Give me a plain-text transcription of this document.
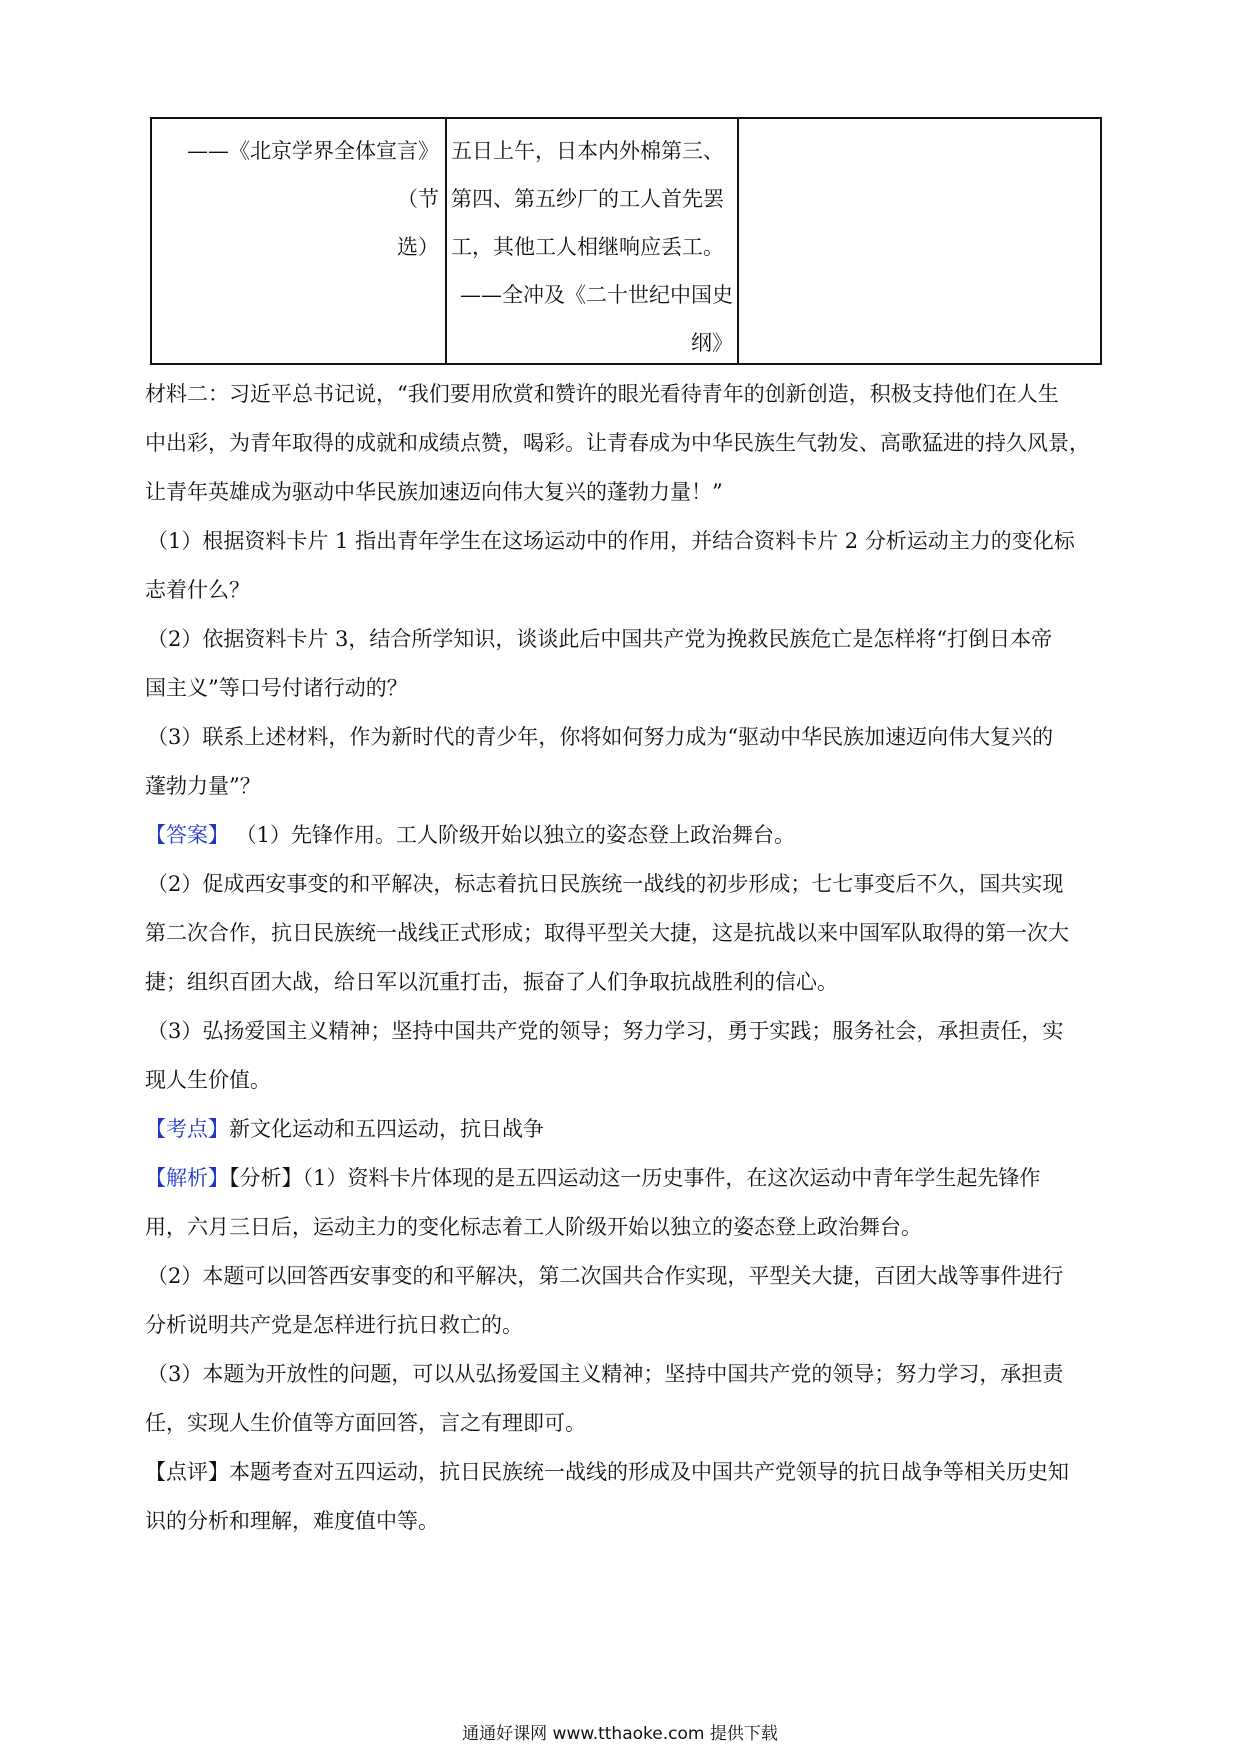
——《北京学界全体宣言》（节
选）
五日上午，日本内外棉第三、
第四、第五纱厂的工人首先罢
工，其他工人相继响应丢工。
——全冲及《二十世纪中国史
纲》

材料二：习近平总书记说，“我们要用欣赏和赞许的眼光看待青年的创新创造，积极支持他们在人生

中出彩，为青年取得的成就和成绩点赞，喝彩。让青春成为中华民族生气勃发、高歌猛进的持久风景，

让青年英雄成为驱动中华民族加速迈向伟大复兴的蓬勃力量！”

（1）根据资料卡片 1 指出青年学生在这场运动中的作用，并结合资料卡片 2 分析运动主力的变化标

志着什么？

（2）依据资料卡片 3，结合所学知识，谈谈此后中国共产党为挽救民族危亡是怎样将“打倒日本帝

国主义”等口号付诸行动的？

（3）联系上述材料，作为新时代的青少年，你将如何努力成为“驱动中华民族加速迈向伟大复兴的

蓬勃力量”？

【答案】 （1）先锋作用。工人阶级开始以独立的姿态登上政治舞台。

（2）促成西安事变的和平解决，标志着抗日民族统一战线的初步形成；七七事变后不久，国共实现

第二次合作，抗日民族统一战线正式形成；取得平型关大捷，这是抗战以来中国军队取得的第一次大

捷；组织百团大战，给日军以沉重打击，振奋了人们争取抗战胜利的信心。

（3）弘扬爱国主义精神；坚持中国共产党的领导；努力学习，勇于实践；服务社会，承担责任，实

现人生价值。

【考点】新文化运动和五四运动，抗日战争

【解析】【分析】（1）资料卡片体现的是五四运动这一历史事件，在这次运动中青年学生起先锋作

用，六月三日后，运动主力的变化标志着工人阶级开始以独立的姿态登上政治舞台。

（2）本题可以回答西安事变的和平解决，第二次国共合作实现，平型关大捷，百团大战等事件进行

分析说明共产党是怎样进行抗日救亡的。

（3）本题为开放性的问题，可以从弘扬爱国主义精神；坚持中国共产党的领导；努力学习，承担责

任，实现人生价值等方面回答，言之有理即可。

【点评】本题考查对五四运动，抗日民族统一战线的形成及中国共产党领导的抗日战争等相关历史知

识的分析和理解，难度值中等。

通通好课网 www.tthaoke.com 提供下载
